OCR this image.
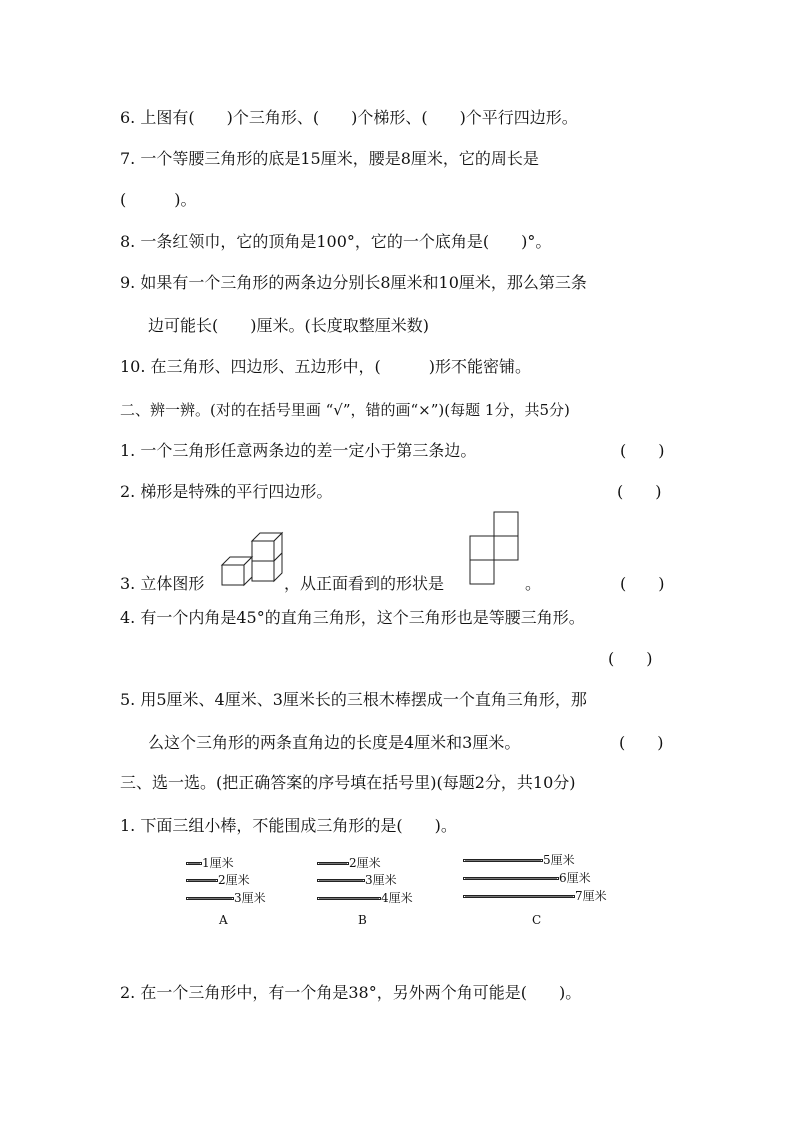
6. 上图有(　　)个三角形、(　　)个梯形、(　　)个平行四边形。
7. 一个等腰三角形的底是15厘米，腰是8厘米，它的周长是
(　　　)。
8. 一条红领巾，它的顶角是100°，它的一个底角是(　　)°。
9. 如果有一个三角形的两条边分别长8厘米和10厘米，那么第三条
边可能长(　　)厘米。(长度取整厘米数)
10. 在三角形、四边形、五边形中，(　　　)形不能密铺。
二、辨一辨。(对的在括号里画 “√”，错的画“×”)(每题 1分，共5分)
1. 一个三角形任意两条边的差一定小于第三条边。	(　　)
2. 梯形是特殊的平行四边形。	(　　)
3. 立体图形	，从正面看到的形状是	。	(　　)
4. 有一个内角是45°的直角三角形，这个三角形也是等腰三角形。
(　　)
5. 用5厘米、4厘米、3厘米长的三根木棒摆成一个直角三角形，那
么这个三角形的两条直角边的长度是4厘米和3厘米。	(　　)
三、选一选。(把正确答案的序号填在括号里)(每题2分，共10分)
1. 下面三组小棒，不能围成三角形的是(　　)。
1厘米
2厘米
3厘米
A
2厘米
3厘米
4厘米
B
5厘米
6厘米
7厘米
C
2. 在一个三角形中，有一个角是38°，另外两个角可能是(　　)。
